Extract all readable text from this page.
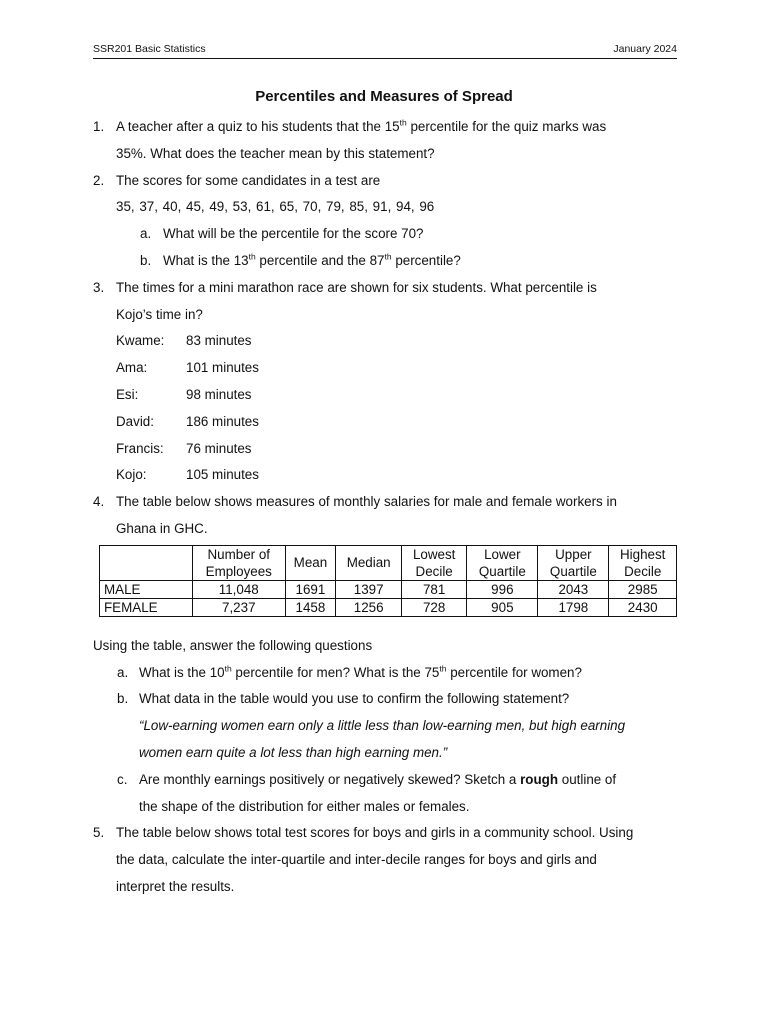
SSR201 Basic Statistics	January 2024
Percentiles and Measures of Spread
1. A teacher after a quiz to his students that the 15th percentile for the quiz marks was
35%. What does the teacher mean by this statement?
2. The scores for some candidates in a test are
35, 37, 40, 45, 49, 53, 61, 65, 70, 79, 85, 91, 94, 96
a. What will be the percentile for the score 70?
b. What is the 13th percentile and the 87th percentile?
3. The times for a mini marathon race are shown for six students. What percentile is
Kojo’s time in?
Kwame:	83 minutes
Ama:	101 minutes
Esi:	98 minutes
David:	186 minutes
Francis:	76 minutes
Kojo:	105 minutes
4. The table below shows measures of monthly salaries for male and female workers in
Ghana in GHC.

	Number of
Employees	Mean	Median	Lowest
Decile	Lower
Quartile	Upper
Quartile	Highest
Decile

MALE	11,048	1691	1397	781	996	2043	2985
FEMALE	7,237	1458	1256	728	905	1798	2430
Using the table, answer the following questions
a. What is the 10th percentile for men? What is the 75th percentile for women?
b. What data in the table would you use to confirm the following statement?
“Low-earning women earn only a little less than low-earning men, but high earning
women earn quite a lot less than high earning men.”
c. Are monthly earnings positively or negatively skewed? Sketch a rough outline of
the shape of the distribution for either males or females.
5. The table below shows total test scores for boys and girls in a community school. Using
the data, calculate the inter-quartile and inter-decile ranges for boys and girls and
interpret the results.
